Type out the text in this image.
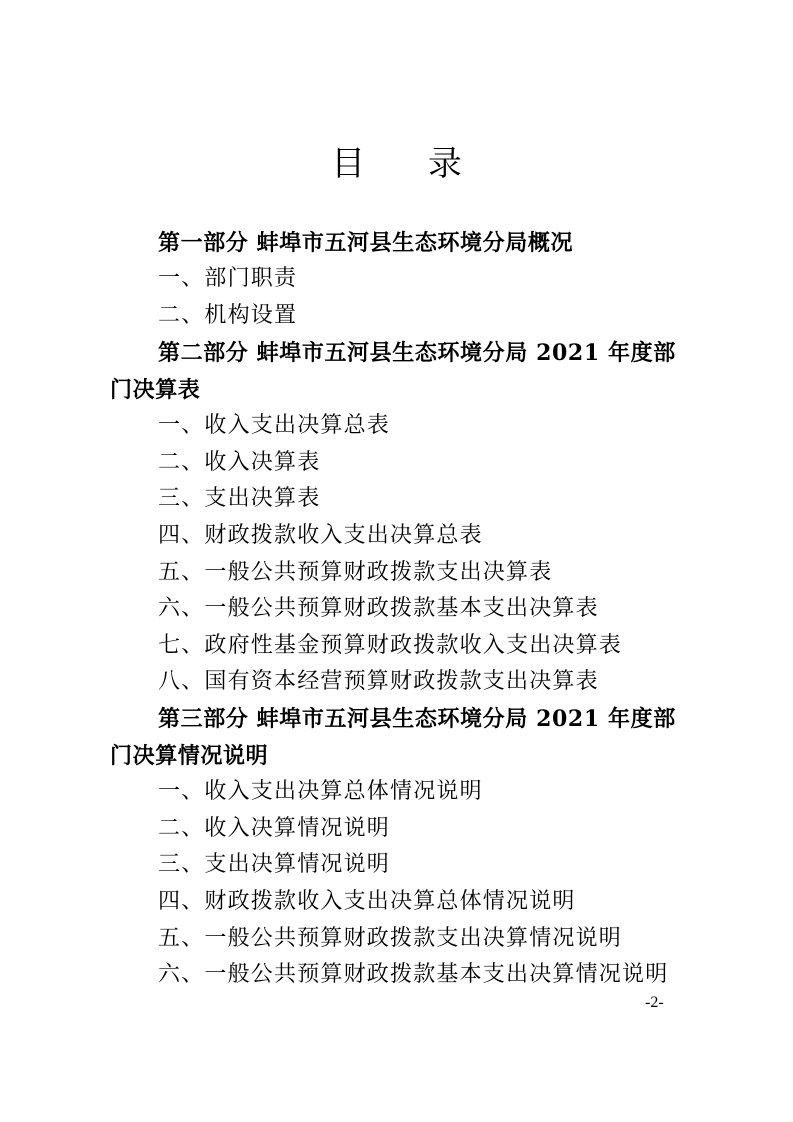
目 录
第一部分 蚌埠市五河县生态环境分局概况
一、部门职责
二、机构设置
第二部分 蚌埠市五河县生态环境分局 2021 年度部
门决算表
一、收入支出决算总表
二、收入决算表
三、支出决算表
四、财政拨款收入支出决算总表
五、一般公共预算财政拨款支出决算表
六、一般公共预算财政拨款基本支出决算表
七、政府性基金预算财政拨款收入支出决算表
八、国有资本经营预算财政拨款支出决算表
第三部分 蚌埠市五河县生态环境分局 2021 年度部
门决算情况说明
一、收入支出决算总体情况说明
二、收入决算情况说明
三、支出决算情况说明
四、财政拨款收入支出决算总体情况说明
五、一般公共预算财政拨款支出决算情况说明
六、一般公共预算财政拨款基本支出决算情况说明
-2-
